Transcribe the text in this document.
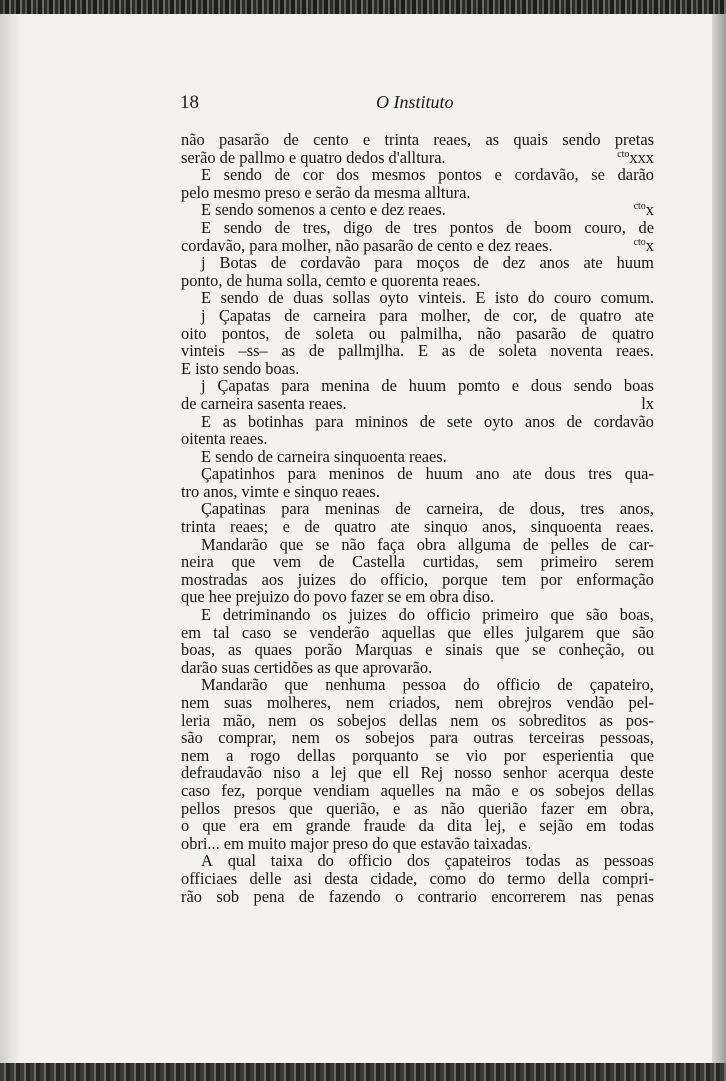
18	O Instituto
não pasarão de cento e trinta reaes, as quais sendo pretas
serão de pallmo e quatro dedos d'alltura.	$^{cto}$xxx
E sendo de cor dos mesmos pontos e cordavão, se darão
pelo mesmo preso e serão da mesma alltura.
E sendo somenos a cento e dez reaes.	$^{cto}$x
E sendo de tres, digo de tres pontos de boom couro, de
cordavão, para molher, não pasarão de cento e dez reaes.	$^{cto}$x
j Botas de cordavão para moços de dez anos ate huum
ponto, de huma solla, cemto e quorenta reaes.
E sendo de duas sollas oyto vinteis. E isto do couro comum.
j Çapatas de carneira para molher, de cor, de quatro ate
oito pontos, de soleta ou palmilha, não pasarão de quatro
vinteis –ss– as de pallmjlha. E as de soleta noventa reaes.
E isto sendo boas.
j Çapatas para menina de huum pomto e dous sendo boas
de carneira sasenta reaes.	lx
E as botinhas para mininos de sete oyto anos de cordavão
oitenta reaes.
E sendo de carneira sinquoenta reaes.
Çapatinhos para meninos de huum ano ate dous tres qua-
tro anos, vimte e sinquo reaes.
Çapatinas para meninas de carneira, de dous, tres anos,
trinta reaes; e de quatro ate sinquo anos, sinquoenta reaes.
Mandarão que se não faça obra allguma de pelles de car-
neira que vem de Castella curtidas, sem primeiro serem
mostradas aos juizes do officio, porque tem por enformação
que hee prejuizo do povo fazer se em obra diso.
E detriminando os juizes do officio primeiro que são boas,
em tal caso se venderão aquellas que elles julgarem que são
boas, as quaes porão Marquas e sinais que se conheção, ou
darão suas certidões as que aprovarão.
Mandarão que nenhuma pessoa do officio de çapateiro,
nem suas molheres, nem criados, nem obrejros vendão pel-
leria mão, nem os sobejos dellas nem os sobreditos as pos-
são comprar, nem os sobejos para outras terceiras pessoas,
nem a rogo dellas porquanto se vio por esperientia que
defraudavão niso a lej que ell Rej nosso senhor acerqua deste
caso fez, porque vendiam aquelles na mão e os sobejos dellas
pellos presos que querião, e as não querião fazer em obra,
o que era em grande fraude da dita lej, e sejão em todas
obri... em muito major preso do que estavão taixadas.
A qual taixa do officio dos çapateiros todas as pessoas
officiaes delle asi desta cidade, como do termo della compri-
rão sob pena de fazendo o contrario encorrerem nas penas
